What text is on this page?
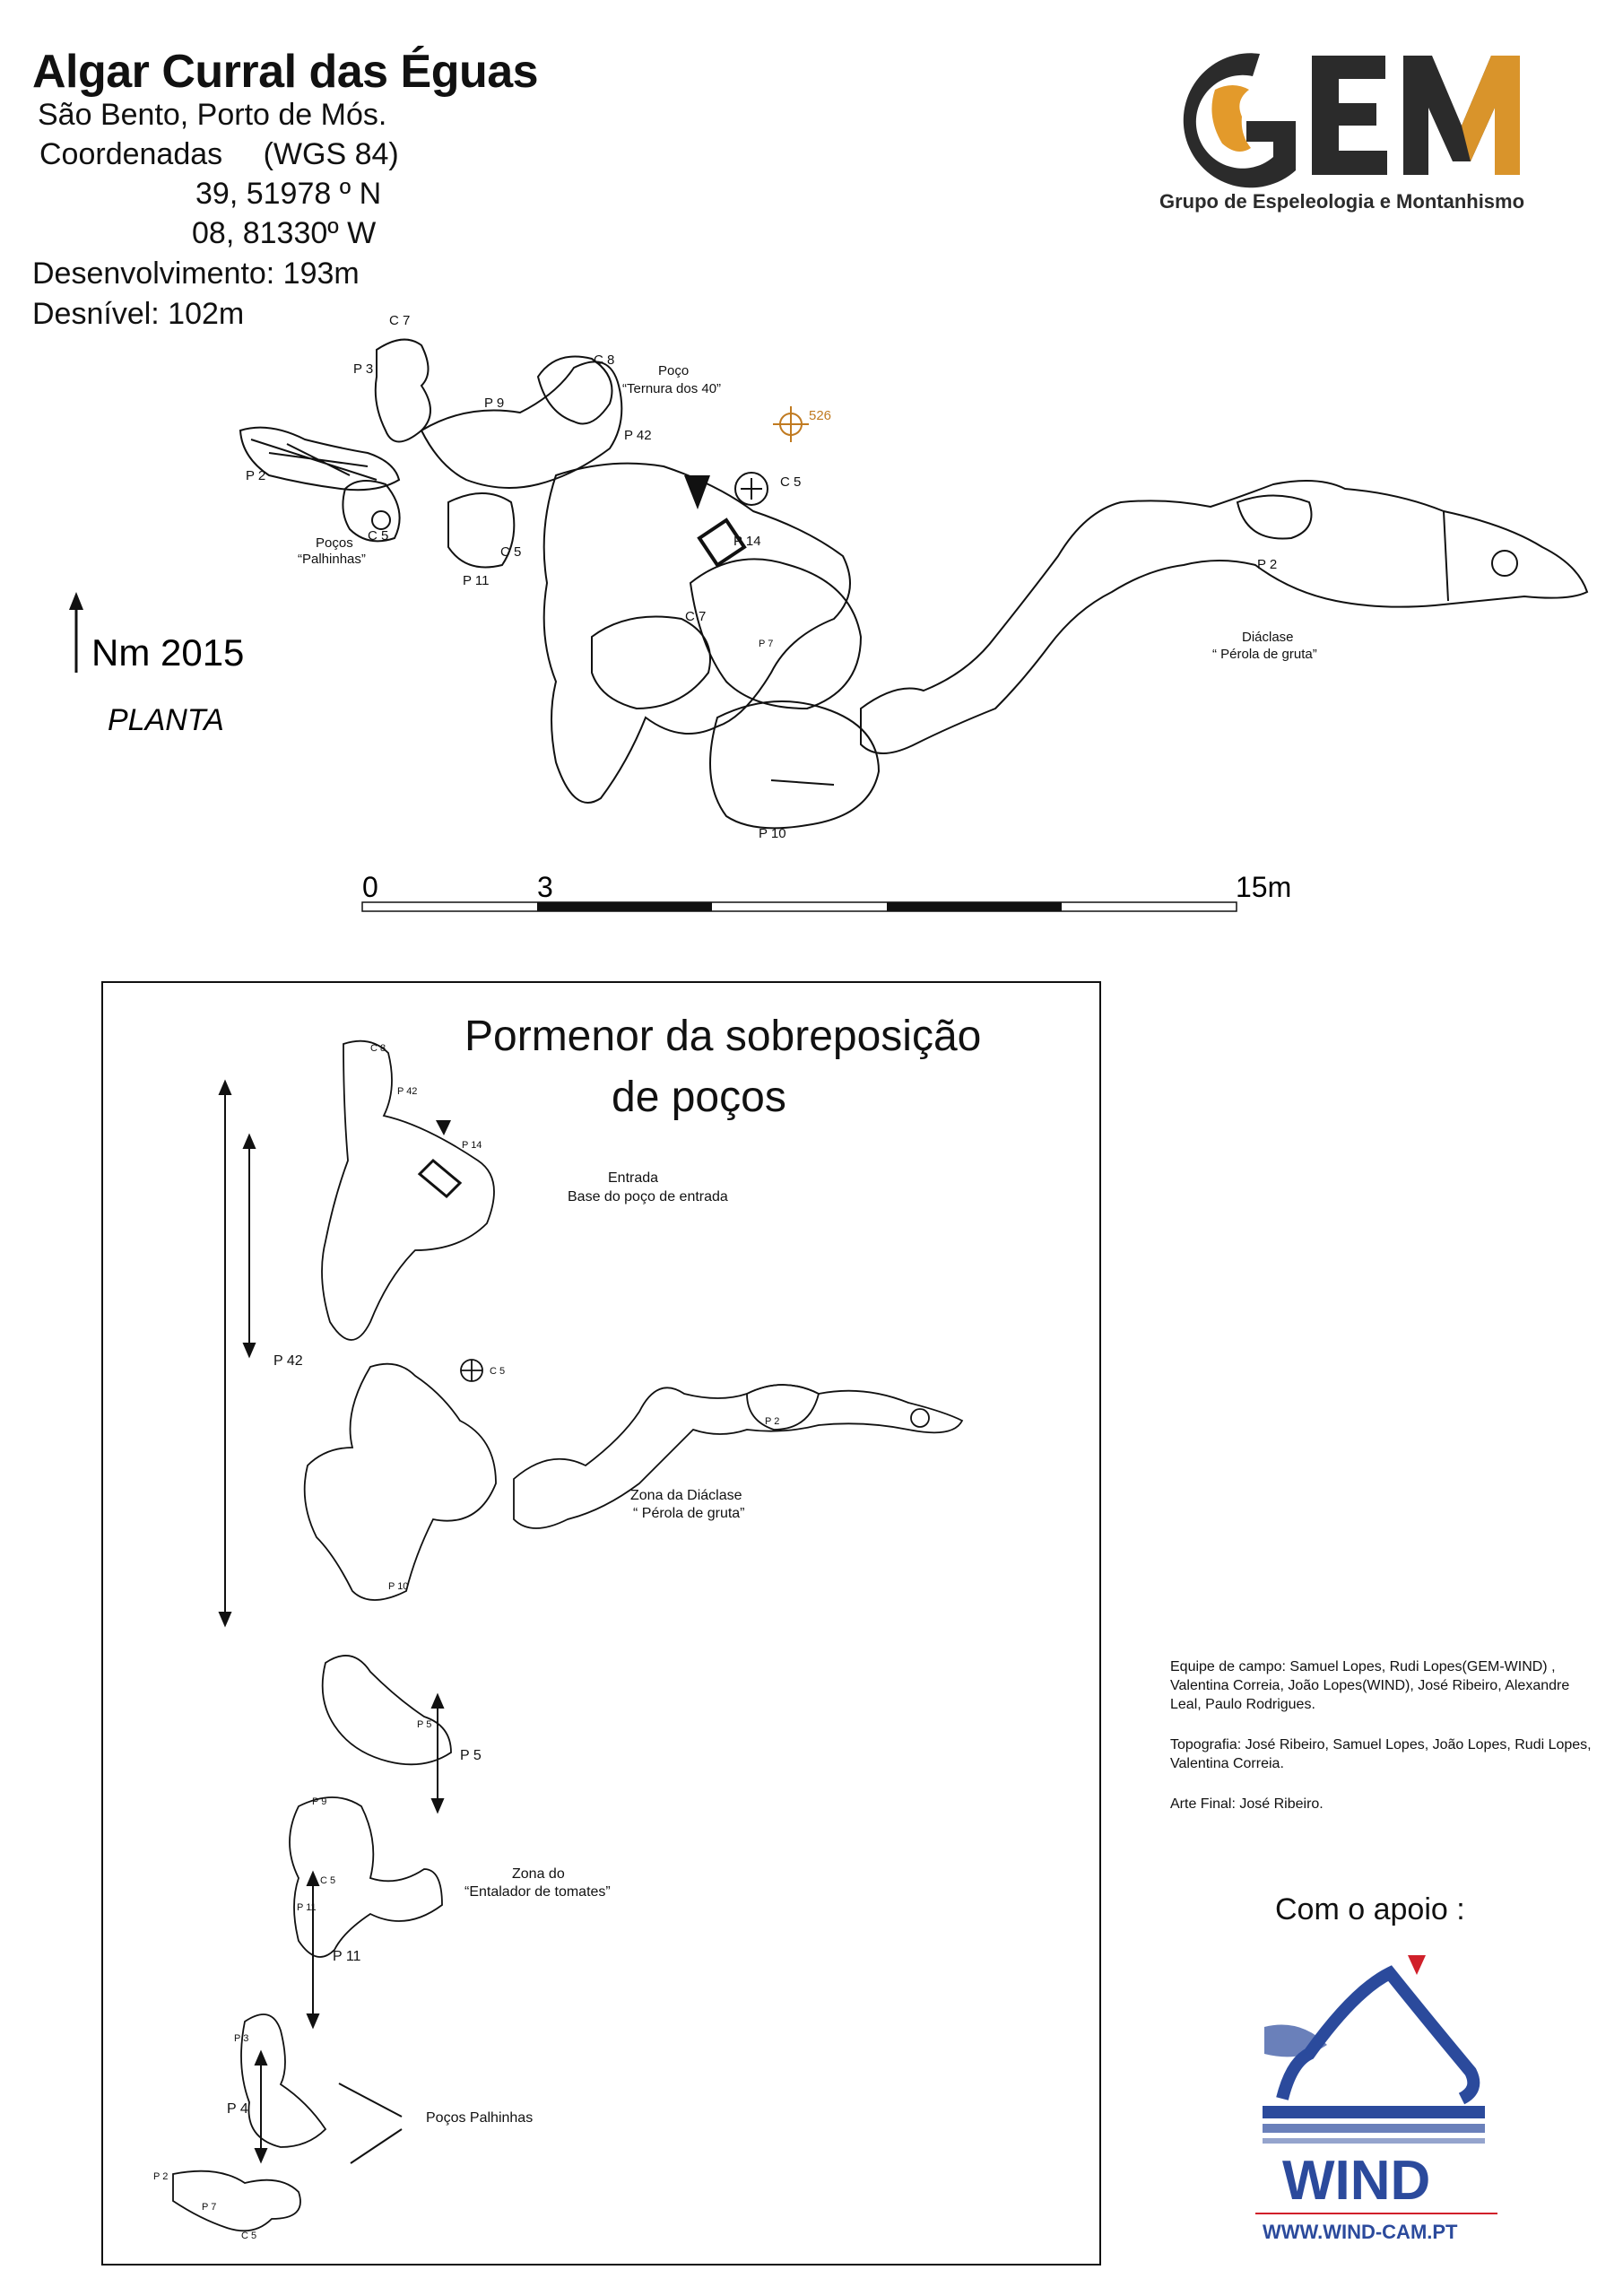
Algar Curral das Éguas
São Bento, Porto de Mós.
Coordenadas (WGS 84)
39, 51978 º N
08, 81330º W
Desenvolvimento: 193m
Desnível: 102m
Grupo de Espeleologia e Montanhismo
Nm 2015
PLANTA
C 7
P 3
C 8
Poço
“Ternura dos 40”
P 9
P 42
526
P 2	C 5
P 14
Poços
“Palhinhas”
C 5
C 5
P 11
C 7
P 7
P 2
Diáclase
“ Pérola de gruta”
P 10
0	3	15m
Pormenor da sobreposição
de poços
C 8
P 42
P 14
Entrada
Base do poço de entrada
P 42
C 5
P 2
Zona da Diáclase
“ Pérola de gruta”
P 10
P 5
P 5
P 9
Zona do
“Entalador de tomates”
C 5
P 11
P 11
P 3
P 4
Poços Palhinhas
P 2
P 7
C 5

Equipe de campo: Samuel Lopes, Rudi Lopes(GEM-WIND) , Valentina Correia, João Lopes(WIND), José Ribeiro, Alexandre Leal, Paulo Rodrigues.

Topografia: José Ribeiro, Samuel Lopes, João Lopes, Rudi Lopes, Valentina Correia.

Arte Final: José Ribeiro.

Com o apoio :
WIND
WWW.WIND-CAM.PT
